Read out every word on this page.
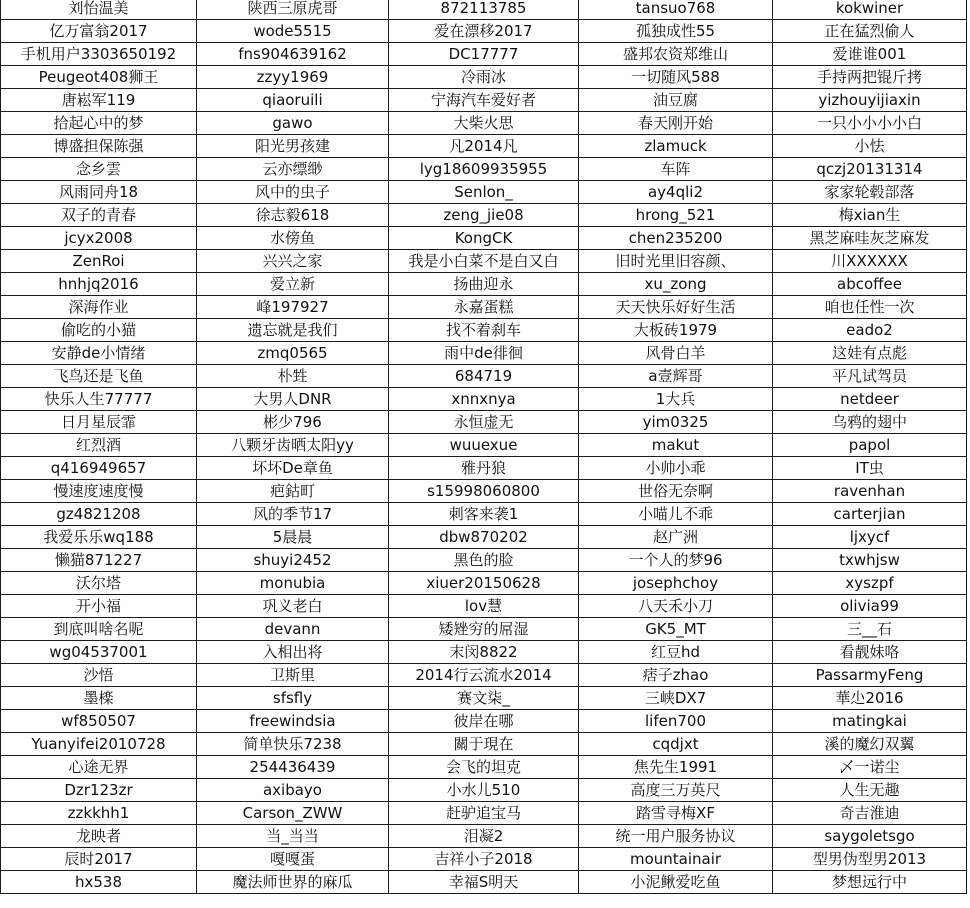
刘怡温美	陕西三原虎哥	872113785	tansuo768	kokwiner
亿万富翁2017	wode5515	爱在漂移2017	孤独成性55	正在猛烈偷人
手机用户3303650192	fns904639162	DC17777	盛邦农资郑维山	爱谁谁001
Peugeot408狮王	zzyy1969	冷雨冰	一切随风588	手持两把锟斤拷
唐崧军119	qiaoruili	宁海汽车爱好者	油豆腐	yizhouyijiaxin
拾起心中的梦	gawo	大柴火思	春天刚开始	一只小小小小白
博盛担保陈强	阳光男孩建	凡2014凡	zlamuck	小怯
念乡雲	云亦缥缈	lyg18609935955	车阵	qczj20131314
风雨同舟18	风中的虫子	Senlon_	ay4qli2	家家轮毂部落
双子的青春	徐志毅618	zeng_jie08	hrong_521	梅xian生
jcyx2008	水傍鱼	KongCK	chen235200	黑芝麻哇灰芝麻发
ZenRoi	兴兴之家	我是小白菜不是白又白	旧时光里旧容颜、	川XXXXXX
hnhjq2016	爱立新	扬曲迎永	xu_zong	abcoffee
深海作业	峰197927	永嘉蛋糕	天天快乐好好生活	咱也任性一次
偷吃的小猫	遗忘就是我们	找不着刹车	大板砖1979	eado2
安静de小情绪	zmq0565	雨中de徘徊	风骨白羊	这娃有点彪
飞鸟还是飞鱼	朴甡	684719	a壹辉哥	平凡试驾员
快乐人生77777	大男人DNR	xnnxnya	1大兵	netdeer
日月星辰霏	彬少796	永恒虚无	yim0325	乌鸦的翅中
红烈酒	八颗牙齿晒太阳yy	wuuexue	makut	papol
q416949657	坏坏De章鱼	雅丹狼	小帅小乖	IT虫
慢速度速度慢	疤鈷町	s15998060800	世俗无奈啊	ravenhan
gz4821208	风的季节17	刺客来袭1	小喵儿不乖	carterjian
我爱乐乐wq188	5晨晨	dbw870202	赵广洲	ljxycf
懒猫871227	shuyi2452	黑色的脸	一个人的梦96	txwhjsw
沃尔塔	monubia	xiuer20150628	josephchoy	xyszpf
开小福	巩义老白	lov慧	八天禾小刀	olivia99
到底叫啥名呢	devann	矮矬穷的屌湿	GK5_MT	三__石
wg04537001	入相出将	末闵8822	红豆hd	看靓妹咯
沙悟	卫斯里	2014行云流水2014	痞子zhao	PassarmyFeng
墨檪	sfsfly	赛文柒_	三峡DX7	華尐2016
wf850507	freewindsia	彼岸在哪	lifen700	matingkai
Yuanyifei2010728	简单快乐7238	關于現在	cqdjxt	溪的魔幻双翼
心途无界	254436439	会飞的坦克	焦先生1991	乄一诺尘
Dzr123zr	axibayo	小水儿510	高度三万英尺	人生无趣
zzkkhh1	Carson_ZWW	赶驴追宝马	踏雪寻梅XF	奇吉淮迪
龙映者	当_当当	泪凝2	统一用户服务协议	saygoletsgo
辰时2017	嘎嘎蛋	吉祥小子2018	mountainair	型男伪型男2013
hx538	魔法师世界的麻瓜	幸福S明天	小泥鳅爱吃鱼	梦想远行中
